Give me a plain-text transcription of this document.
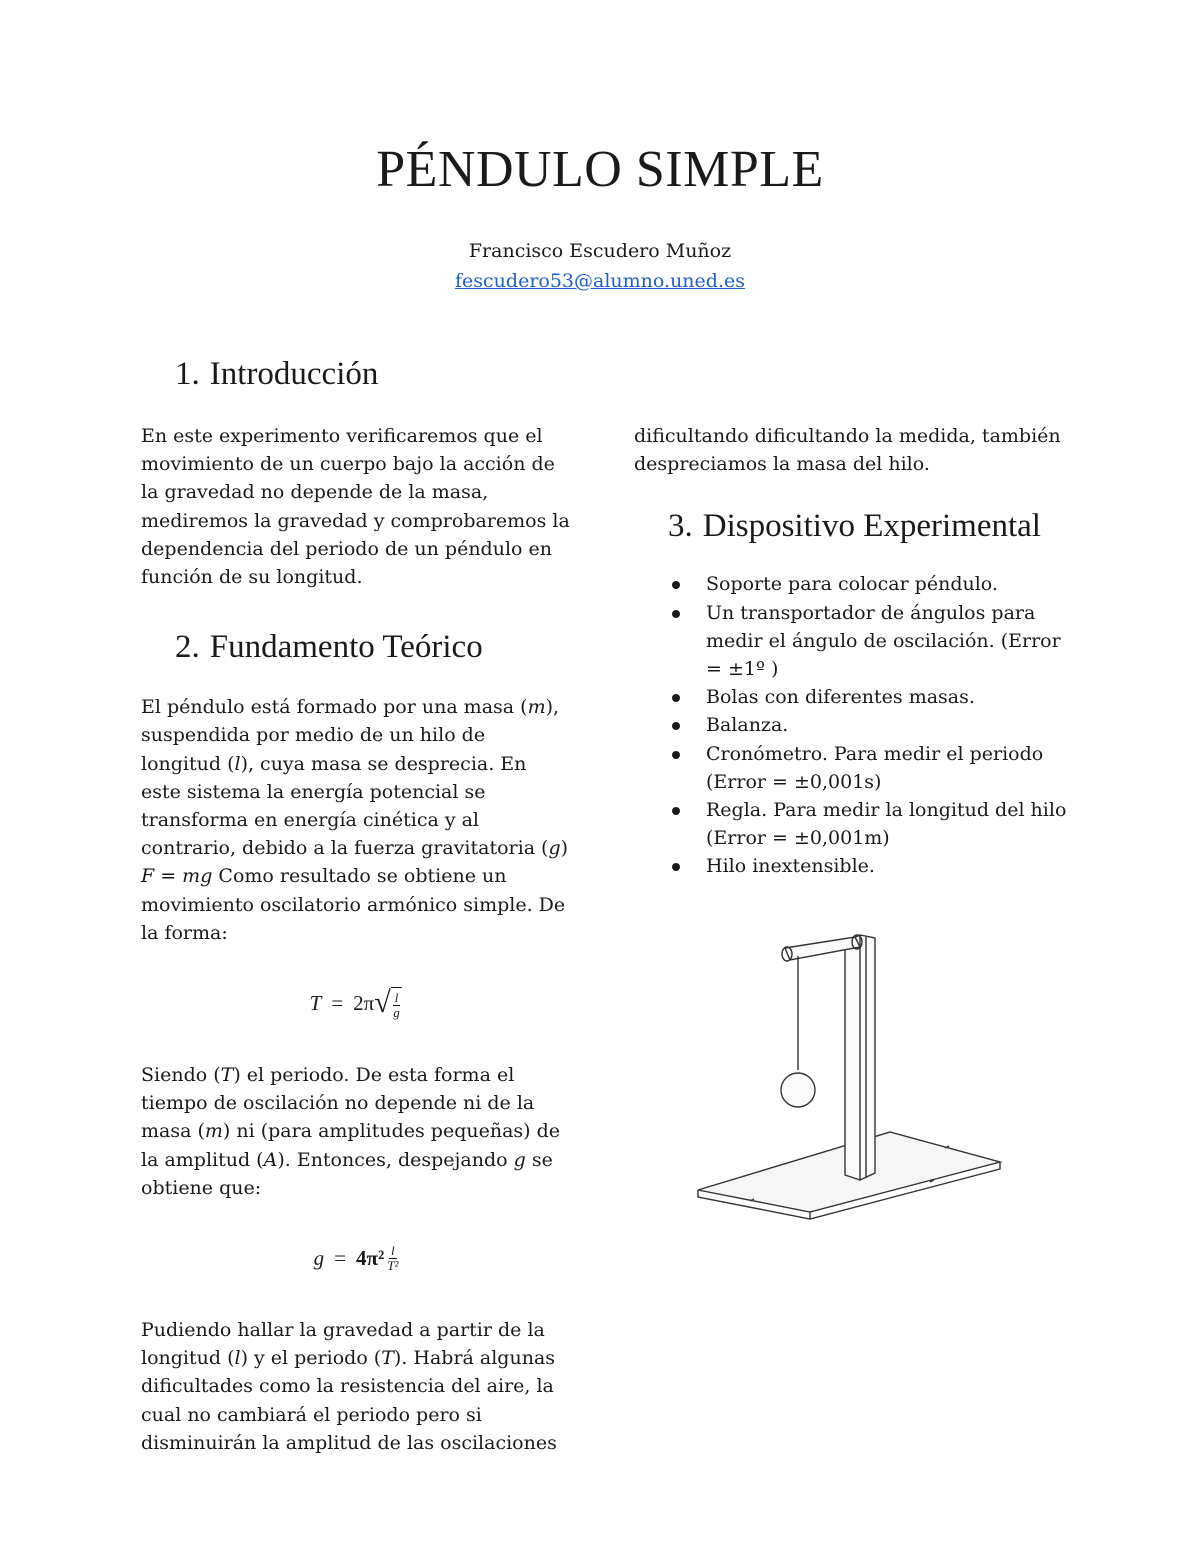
PÉNDULO SIMPLE
Francisco Escudero Muñoz
fescudero53@alumno.uned.es
1. Introducción

En este experimento verificaremos que el movimiento de un cuerpo bajo la acción de la gravedad no depende de la masa, mediremos la gravedad y comprobaremos la dependencia del periodo de un péndulo en función de su longitud.

2. Fundamento Teórico

El péndulo está formado por una masa (m), suspendida por medio de un hilo de longitud (l), cuya masa se desprecia. En este sistema la energía potencial se transforma en energía cinética y al contrario, debido a la fuerza gravitatoria (g) F = mg Como resultado se obtiene un movimiento oscilatorio armónico simple. De la forma:

T = 2π √ $\frac{l}{g}$

Siendo (T) el periodo. De esta forma el tiempo de oscilación no depende ni de la masa (m) ni (para amplitudes pequeñas) de la amplitud (A). Entonces, despejando g se obtiene que:

$g = 4\pi^2 \frac{l}{\text{T²}}$

Pudiendo hallar la gravedad a partir de la longitud (l) y el periodo (T). Habrá algunas dificultades como la resistencia del aire, la cual no cambiará el periodo pero si disminuirán la amplitud de las oscilaciones

dificultando dificultando la medida, también despreciamos la masa del hilo.

3. Dispositivo Experimental
Soporte para colocar péndulo.
Un transportador de ángulos para medir el ángulo de oscilación. (Error = ±1º )
Bolas con diferentes masas.
Balanza.
Cronómetro. Para medir el periodo (Error = ±0,001s)
Regla. Para medir la longitud del hilo (Error = ±0,001m)
Hilo inextensible.
